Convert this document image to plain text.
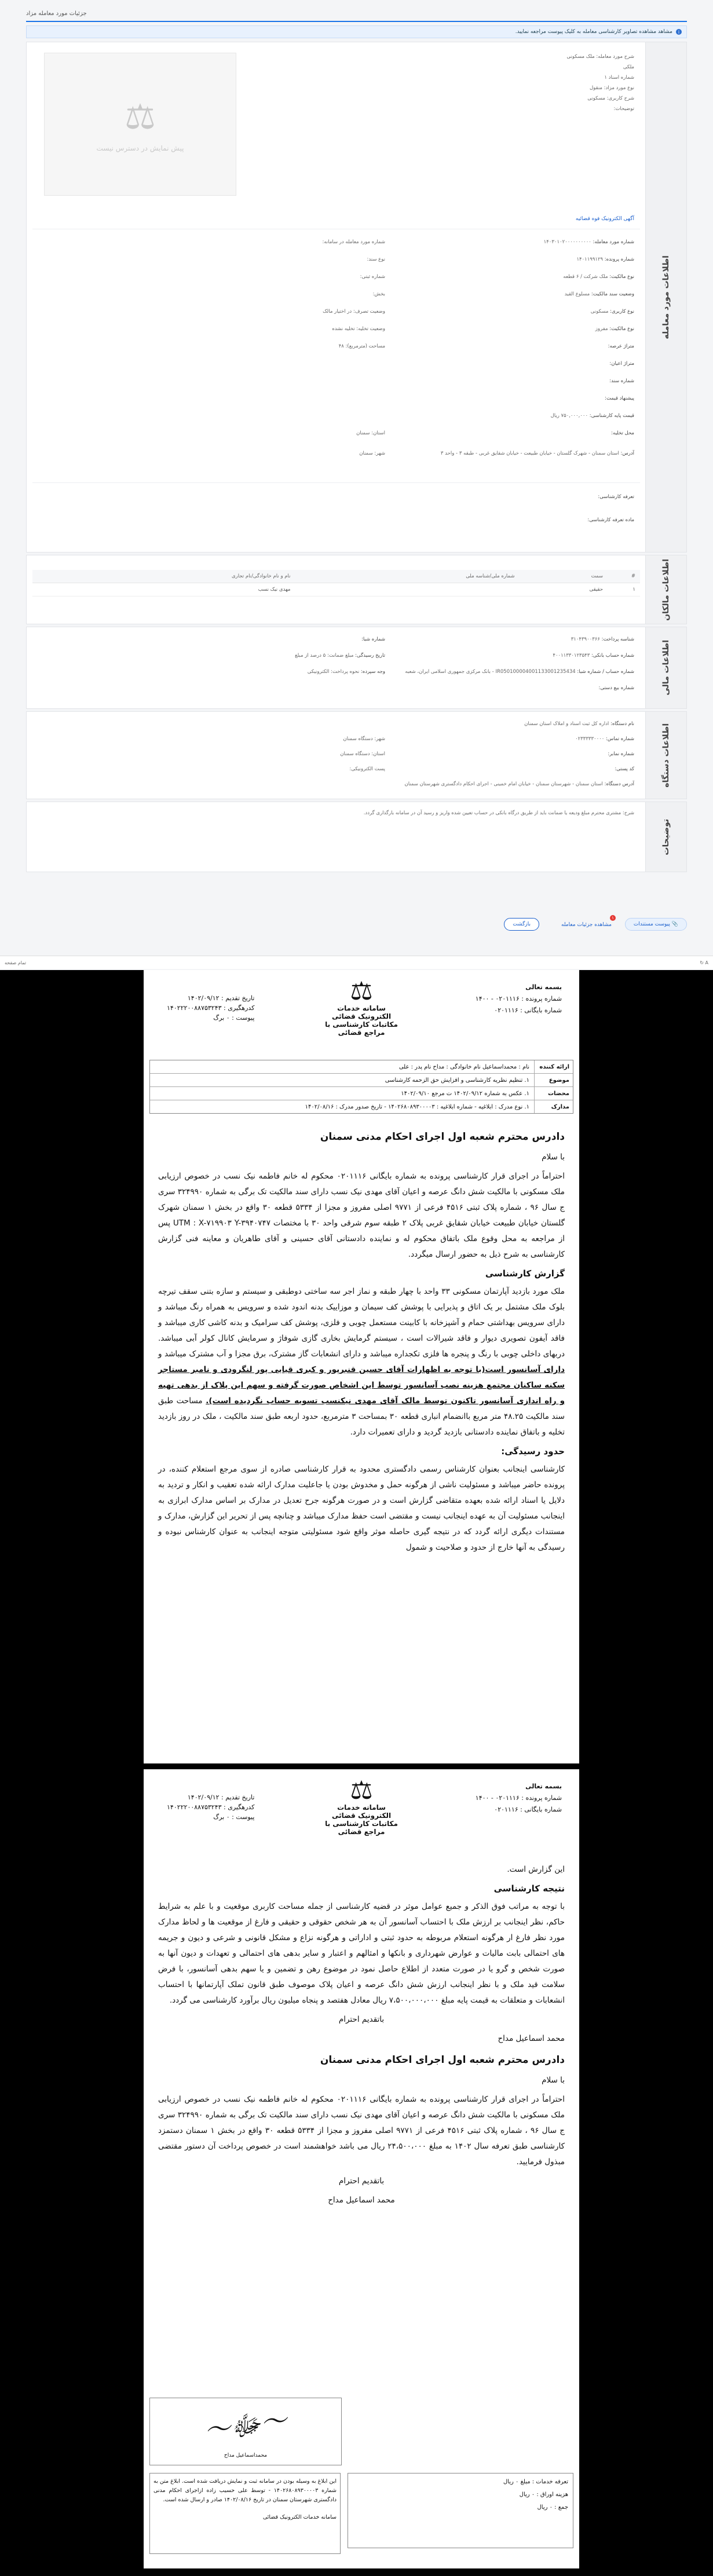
جزئیات مورد معامله مزاد
i
مشاهد مشاهده تصاویر کارشناسی معامله به کلیک پیوست مراجعه نمایید.
اطلاعات مورد معامله
شرح مورد معامله: ملک مسکونی
ملکی
شماره اسناد ۱
نوع مورد مزاد: منقول
شرح کاربری: مسکونی
توضیحات:
⚖
پیش نمایش در دسترس نیست
آگهی الکترونیک فوه قضائیه
شماره مورد معامله: ۱۴۰۳۰۱۰۲۰۰۰۰۰۰۰۰۰۰
شماره پرونده: ۱۴۰۱۱۹۹۱۲۹
نوع مالکیت: ملک شرکت / ۶ قطعه
وضعیت سند مالکیت: مسلوع القید
نوع کاربری: مسکونی
نوع مالکیت: مفروز
متراژ عرصه:
متراژ اعیان:
شماره سند:
پیشنهاد قیمت:
قیمت پایه کارشناسی: ۷۵۰,۰۰۰,۰۰۰ ریال
محل تخلیه:
آدرس: استان سمنان - شهرک گلستان - خیابان طبیعت - خیابان شقایق غربی - طبقه ۳ - واحد ۳
تعرفه کارشناسی:
ماده تعرفه کارشناسی:
شماره مورد معامله در سامانه:
نوع سند:
شماره ثبتی:
بخش:
وضعیت تصرف: در اختیار مالک
وضعیت تخلیه: تخلیه نشده
مساحت (مترمربع): ۴۸
استان: سمنان
شهر: سمنان
اطلاعات مالکان
#	سمت	شماره ملی/شناسه ملی	نام و نام خانوادگی/نام تجاری
۱	حقیقی		مهدی نیک نسب
اطلاعات مالی
شناسه پرداخت: ۳۱۰۴۳۹۰۰۳۶۶
شماره حساب بانکی: ۴۰۰۱۱۳۳۰۱۲۳۵۴۳
شماره حساب / شماره شبا: IR050100004001133001235434 - بانک مرکزی جمهوری اسلامی ایران، شعبه
شماره بیع دستی:
شماره شبا:
تاریخ رسیدگی: مبلغ ضمانت: ۵ درصد از مبلغ
وجه سپرده: نحوه پرداخت: الکترونیکی
اطلاعات دستگاه
نام دستگاه: اداره کل ثبت اسناد و املاک استان سمنان
شماره تماس: ۰۲۳۳۳۳۳۰۰۰۰
شماره نمابر:
کد پستی:
آدرس دستگاه: استان سمنان - شهرستان سمنان - خیابان امام خمینی - اجرای احکام دادگستری شهرستان سمنان
شهر: دستگاه سمنان
استان: دستگاه سمنان
پست الکترونیکی:
توضیحات
شرح: مشتری محترم مبلغ ودیعه یا ضمانت باید از طریق درگاه بانکی در حساب تعیین شده واریز و رسید آن در سامانه بارگذاری گردد.
📎 پیوست مستندات
۱
مشاهده جزئیات معامله
بازگشت
A ↻
تمام صفحه
بسمه تعالی
شماره پرونده : ۰۲۰۱۱۱۶ - ۱۴۰۰
شماره بایگانی : ۰۲۰۱۱۱۶
⚖
سامانه خدمات الکترونیک قضائی
مکاتبات کارشناسی با مراجع قضائی
تاریخ تقدیم : ۱۴۰۲/۰۹/۱۲
کدرهگیری : ۱۴۰۲۲۲۰۰۸۸۷۵۳۲۴۳
پیوست : ۰ برگ
ارائه کننده
نام : محمداسماعیل نام خانوادگی : مداح نام پدر : علی
موضوع
۱. تنظیم نظریه کارشناسی و افزایش حق الزحمه کارشناسی
محضات
۱. عکس به شماره ۱۴۰۲/۰۹/۱۲ ت مرجع ۱۴۰۲/۰۹/۱۰
مدارک
۱. نوع مدرک : ابلاغیه - شماره ابلاغیه : ۱۴۰۲۶۸۰۸۹۳۰۰۰۰۳ - تاریخ صدور مدرک : ۱۴۰۲/۰۸/۱۶
دادرس محترم شعبه اول اجرای احکام مدنی سمنان

با سلام

احتراماً در اجرای قرار کارشناسی پرونده به شماره بایگانی ۰۲۰۱۱۱۶ محکوم له خانم فاطمه نیک نسب در خصوص ارزیابی ملک مسکونی با مالکیت شش دانگ عرصه و اعیان آقای مهدی نیک نسب دارای سند مالکیت تک برگی به شماره ۳۲۴۹۹۰ سری ج سال ۹۶ ، شماره پلاک ثبتی ۴۵۱۶ فرعی از ۹۷۷۱ اصلی مفروز و مجزا از ۵۳۳۴ قطعه ۳۰ واقع در بخش ۱ سمنان شهرک گلستان خیابان طبیعت خیابان شقایق غربی پلاک ۲ طبقه سوم شرقی واحد ۳۰ با مختصات UTM : X-۷۱۹۹۰۳ Y-۳۹۴۰۷۴۷ پس از مراجعه به محل وقوع ملک باتفاق محکوم له و نماینده دادستانی آقای حسینی و آقای طاهریان و معاینه فنی گزارش کارشناسی به شرح ذیل به حضور ارسال میگردد.

گزارش کارشناسی

ملک مورد بازدید آپارتمان مسکونی ۳۳ واحد با چهار طبقه و نماز اجر سه ساختی دوطبقی و سیستم و سازه بتنی سقف تیرچه بلوک ملک مشتمل بر یک اتاق و پذیرایی با پوشش کف سیمان و موزاییک بدنه اندود شده و سرویس به همراه رنگ میباشد و دارای سرویس بهداشتی حمام و آشپزخانه با کابینت مستعمل چوبی و فلزی، پوشش کف سرامیک و بدنه کاشی کاری میباشد و فاقد آیفون تصویری دیوار و فاقد شیرالات است ، سیستم گرمایش بخاری گازی شوفاژ و سرمایش کانال کولر آبی میباشد. دربهای داخلی چوبی با رنگ و پنجره ها فلزی تکجداره میباشد و دارای انشعابات گاز مشترک، برق مجزا و آب مشترک میباشد و دارای آسانسور است(با توجه به اظهارات آقای حسین قنبرپور و کبری قیایی پور لنگرودی و نامبر مستاجر سکنه ساکنان مجتمع هزینه نصب آسانسور توسط این اشخاص صورت گرفته و سهم این پلاک از بدهی تهیه و راه اندازی آسانسور تاکنون توسط مالک آقای مهدی نیکنسب تسویه حساب نگردیده است). مساحت طبق سند مالکیت ۴۸.۲۵ متر مربع باانضمام انباری قطعه ۳۰ بمساحت ۳ مترمربع، حدود اربعه طبق سند مالکیت ، ملک در روز بازدید تخلیه و باتفاق نماینده دادستانی بازدید گردید و دارای تعمیرات دارد.

حدود رسیدگی:

کارشناسی اینجانب بعنوان کارشناس رسمی دادگستری محدود به قرار کارشناسی صادره از سوی مرجع استعلام کننده، در پرونده حاضر میباشد و مسئولیت ناشی از هرگونه حمل و مخدوش بودن یا جاعلیت مدارک ارائه شده تعقیب و انکار و تردید به دلایل یا اسناد ارائه شده بعهده متقاضی گزارش است و در صورت هرگونه جرح تعدیل در مدارک بر اساس مدارک ابرازی به اینجانب مسئولیت آن به عهده اینجانب نیست و مقتضی است حفظ مدارک میباشد و چنانچه پس از تحریر این گزارش، مدارک و مستندات دیگری ارائه گردد که در نتیجه گیری حاصله موثر واقع شود مسئولیتی متوجه اینجانب به عنوان کارشناس نبوده و رسیدگی به آنها خارج از حدود و صلاحیت و شمول

بسمه تعالی
شماره پرونده : ۰۲۰۱۱۱۶ - ۱۴۰۰
شماره بایگانی : ۰۲۰۱۱۱۶
⚖
سامانه خدمات الکترونیک قضائی
مکاتبات کارشناسی با مراجع قضائی
تاریخ تقدیم : ۱۴۰۲/۰۹/۱۲
کدرهگیری : ۱۴۰۲۲۲۰۰۸۸۷۵۳۲۴۳
پیوست : ۰ برگ

این گزارش است.

نتیجه کارشناسی

با توجه به مراتب فوق الذکر و جمیع عوامل موثر در قضیه کارشناسی از جمله مساحت کاربری موقعیت و با علم به شرایط حاکم، نظر اینجانب بر ارزش ملک با احتساب آسانسور آن به هر شخص حقوقی و حقیقی و فارغ از موقعیت ها و لحاظ مدارک مورد نظر فارغ ار هرگونه استعلام مربوطه به حدود ثبتی و اداراتی و هرگونه نزاع و مشکل قانونی و شرعی و دیون و جریمه های احتمالی بابت مالیات و عوارض شهرداری و بانکها و امثالهم و اعتبار و سایر بدهی های احتمالی و تعهدات و دیون آنها به صورت شخص و گرو یا در صورت متعدد از اطلاع حاصل نمود در موضوع رهن و تضمین و یا سهم بدهی آسانسور، با فرض سلامت قید ملک و با نظر اینجانب ارزش شش دانگ عرصه و اعیان پلاک موصوف طبق قانون تملک آپارتمانها با احتساب انشعابات و متعلقات به قیمت پایه مبلغ ۷،۵۰۰،۰۰۰،۰۰۰ ریال معادل هفتصد و پنجاه میلیون ریال برآورد کارشناسی می گردد.

باتقدیم احترام

محمد اسماعیل مداح

دادرس محترم شعبه اول اجرای احکام مدنی سمنان

با سلام

احتراماً در اجرای قرار کارشناسی پرونده به شماره بایگانی ۰۲۰۱۱۱۶ محکوم له خانم فاطمه نیک نسب در خصوص ارزیابی ملک مسکونی با مالکیت شش دانگ عرصه و اعیان آقای مهدی نیک نسب دارای سند مالکیت تک برگی به شماره ۳۲۴۹۹۰ سری ج سال ۹۶ ، شماره پلاک ثبتی ۴۵۱۶ فرعی از ۹۷۷۱ اصلی مفروز و مجزا از ۵۳۳۴ قطعه ۳۰ واقع در بخش ۱ سمنان دستمزد کارشناسی طبق تعرفه سال ۱۴۰۲ به مبلغ ۲۴،۵۰۰،۰۰۰ ریال می باشد خواهشمند است در خصوص پرداخت آن دستور مقتضی مبذول فرمایید.

باتقدیم احترام

محمد اسماعیل مداح

〜ﷻ〜
محمداسماعیل مداح
تعرفه خدمات : مبلغ ۰ ریال
هزینه اوراق : ۰ ریال
جمع : ۰ ریال
این ابلاغ به وسیله بودن در سامانه ثبت و نمایش دریافت شده است. ابلاغ متن به شماره ۱۴۰۲۶۸۰۸۹۳۰۰۰۰۳ - توسط علی حسیب زاده ازاجرای احکام مدنی دادگستری شهرستان سمنان در تاریخ ۱۴۰۲/۰۸/۱۶ صادر و ارسال شده است.
سامانه خدمات الکترونیک قضائی
